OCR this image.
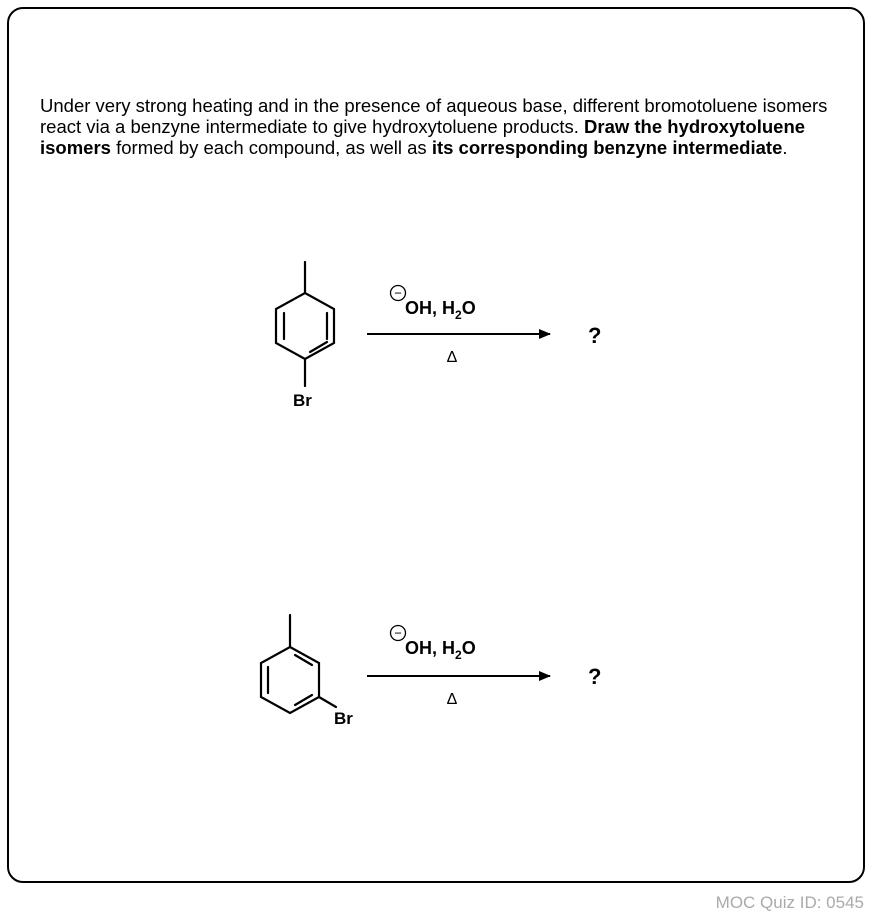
Under very strong heating and in the presence of aqueous base, different bromotoluene isomers react via a benzyne intermediate to give hydroxytoluene products. Draw the hydroxytoluene isomers formed by each compound, as well as its corresponding benzyne intermediate.
Br
−
OH, $H_2O$
Δ
?
Br
−
OH, $H_2O$
Δ
?
MOC Quiz ID: 0545
